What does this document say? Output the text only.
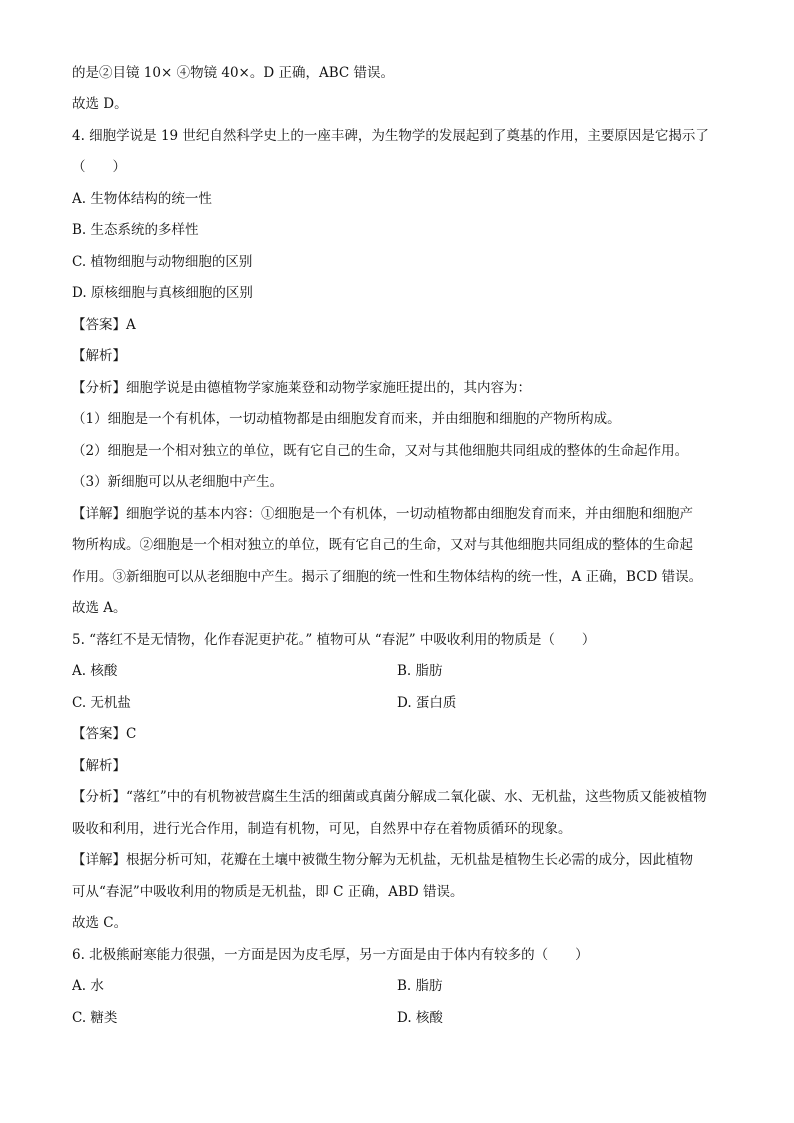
的是②目镜 10× ④物镜 40×。D 正确，ABC 错误。
故选 D。
4. 细胞学说是 19 世纪自然科学史上的一座丰碑，为生物学的发展起到了奠基的作用，主要原因是它揭示了
（　　）
A. 生物体结构的统一性
B. 生态系统的多样性
C. 植物细胞与动物细胞的区别
D. 原核细胞与真核细胞的区别
【答案】A
【解析】
【分析】细胞学说是由德植物学家施莱登和动物学家施旺提出的，其内容为：
（1）细胞是一个有机体，一切动植物都是由细胞发育而来，并由细胞和细胞的产物所构成。
（2）细胞是一个相对独立的单位，既有它自己的生命，又对与其他细胞共同组成的整体的生命起作用。
（3）新细胞可以从老细胞中产生。
【详解】细胞学说的基本内容：①细胞是一个有机体，一切动植物都由细胞发育而来，并由细胞和细胞产
物所构成。②细胞是一个相对独立的单位，既有它自己的生命，又对与其他细胞共同组成的整体的生命起
作用。③新细胞可以从老细胞中产生。揭示了细胞的统一性和生物体结构的统一性，A 正确，BCD 错误。
故选 A。
5. “落红不是无情物，化作春泥更护花。” 植物可从 “春泥” 中吸收利用的物质是（　　）
A. 核酸	B. 脂肪
C. 无机盐	D. 蛋白质
【答案】C
【解析】
【分析】“落红”中的有机物被营腐生生活的细菌或真菌分解成二氧化碳、水、无机盐，这些物质又能被植物
吸收和利用，进行光合作用，制造有机物，可见，自然界中存在着物质循环的现象。
【详解】根据分析可知，花瓣在土壤中被微生物分解为无机盐，无机盐是植物生长必需的成分，因此植物
可从“春泥”中吸收利用的物质是无机盐，即 C 正确，ABD 错误。
故选 C。
6. 北极熊耐寒能力很强，一方面是因为皮毛厚，另一方面是由于体内有较多的（　　）
A. 水	B. 脂肪
C. 糖类	D. 核酸
